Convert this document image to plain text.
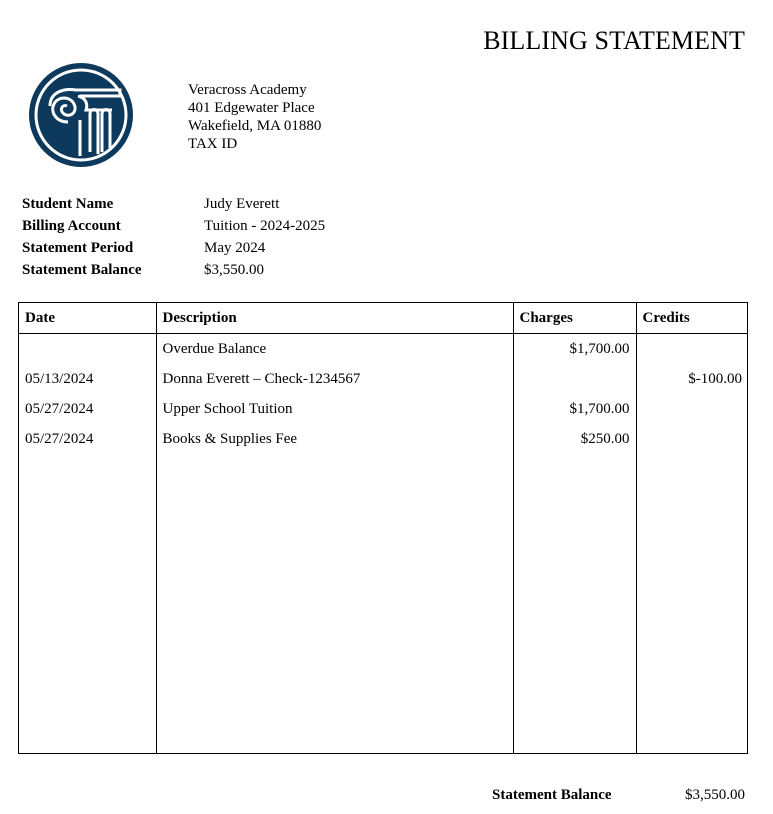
BILLING STATEMENT
Veracross Academy
401 Edgewater Place
Wakefield, MA 01880
TAX ID
Student Name	Judy Everett
Billing Account	Tuition - 2024-2025
Statement Period	May 2024
Statement Balance	$3,550.00
Date	Description	Charges	Credits
	Overdue Balance	$1,700.00	
05/13/2024	Donna Everett – Check-1234567		$-100.00
05/27/2024	Upper School Tuition	$1,700.00	
05/27/2024	Books & Supplies Fee	$250.00	

Statement Balance	$3,550.00
